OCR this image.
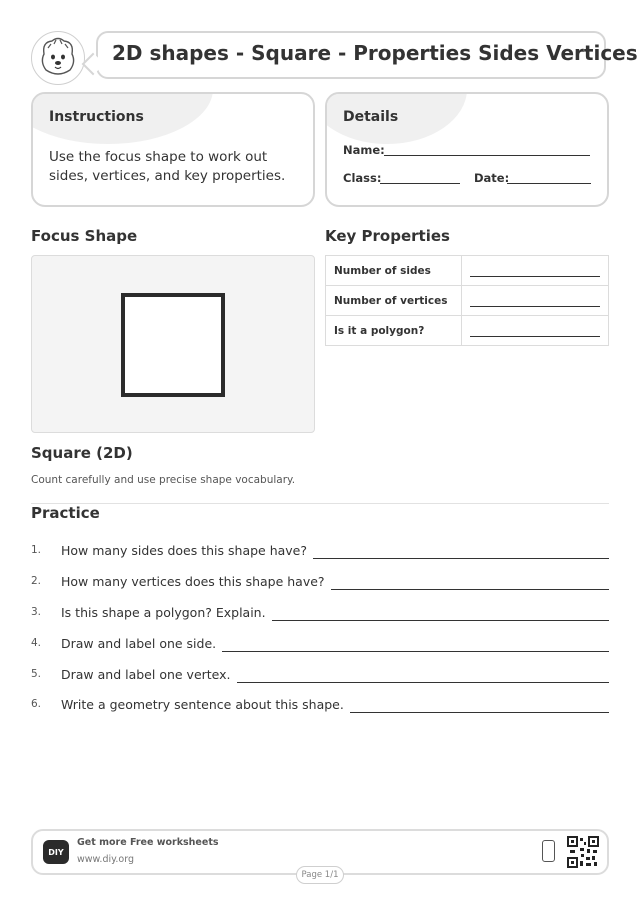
2D shapes - Square - Properties Sides Vertices
Instructions
Use the focus shape to work out sides, vertices, and key properties.
Details
Name:
Class:	Date:
Focus Shape	Key Properties
Number of sides	

Number of vertices	

Is it a polygon?	
Square (2D)
Count carefully and use precise shape vocabulary.
Practice
1.	How many sides does this shape have?
2.	How many vertices does this shape have?
3.	Is this shape a polygon? Explain.
4.	Draw and label one side.
5.	Draw and label one vertex.
6.	Write a geometry sentence about this shape.
DIY
Get more Free worksheets
www.diy.org
Page 1/1
